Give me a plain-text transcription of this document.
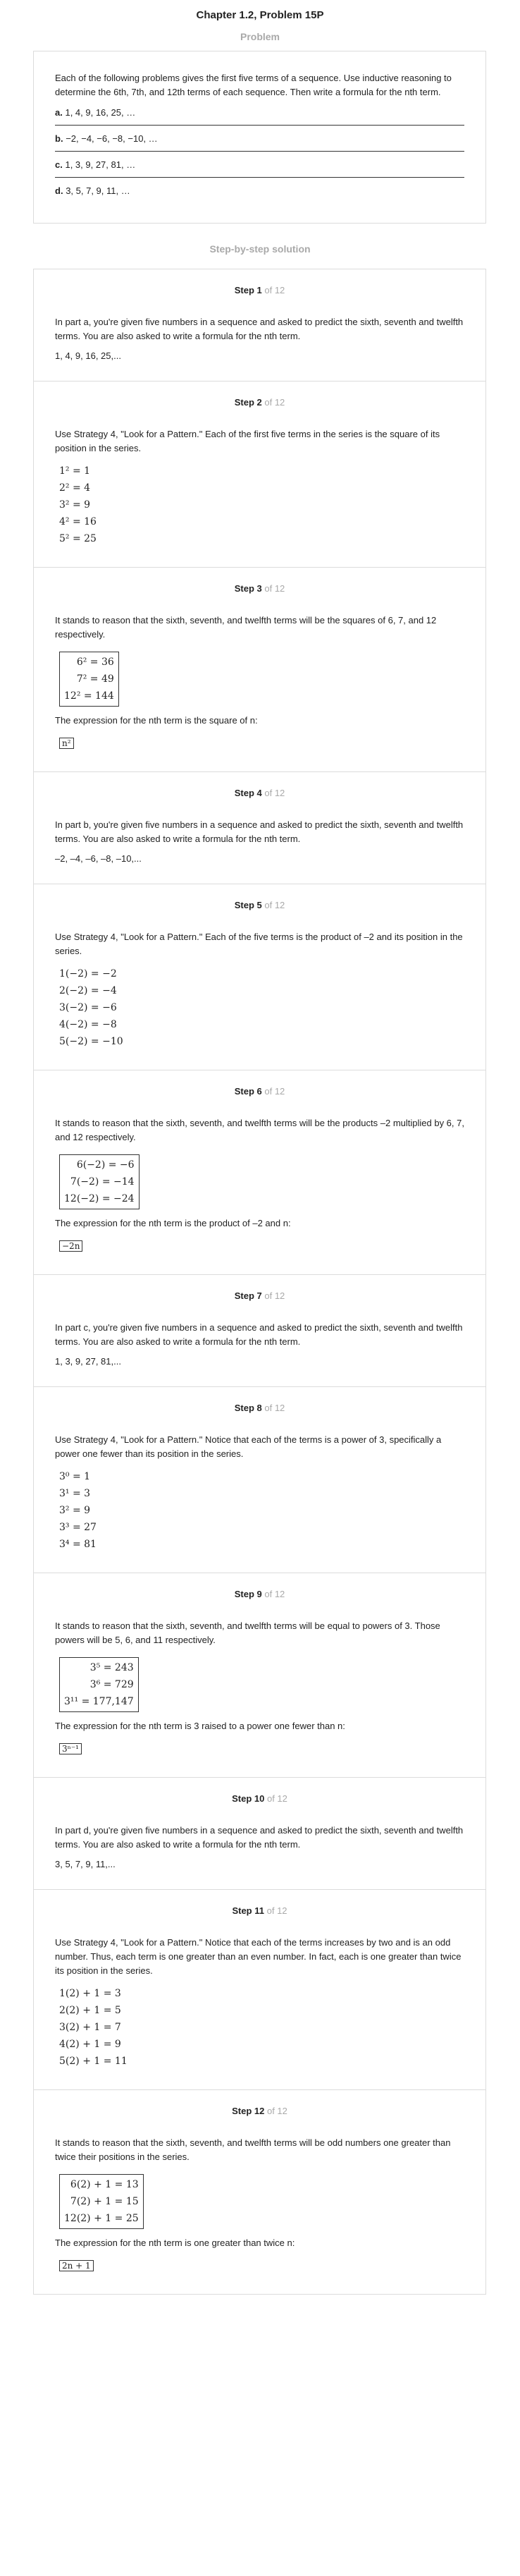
Chapter 1.2, Problem 15P
Problem

Each of the following problems gives the first five terms of a sequence. Use inductive reasoning to determine the 6th, 7th, and 12th terms of each sequence. Then write a formula for the nth term.

a. 1, 4, 9, 16, 25, …
b. −2, −4, −6, −8, −10, …
c. 1, 3, 9, 27, 81, …
d. 3, 5, 7, 9, 11, …
Step-by-step solution
Step 1 of 12

In part a, you're given five numbers in a sequence and asked to predict the sixth, seventh and twelfth terms. You are also asked to write a formula for the nth term.

1, 4, 9, 16, 25,...
Step 2 of 12

Use Strategy 4, "Look for a Pattern." Each of the first five terms in the series is the square of its position in the series.

1² = 1
2² = 4
3² = 9
4² = 16
5² = 25
Step 3 of 12

It stands to reason that the sixth, seventh, and twelfth terms will be the squares of 6, 7, and 12 respectively.

6² = 36
7² = 49
12² = 144

The expression for the nth term is the square of n:

n²
Step 4 of 12

In part b, you're given five numbers in a sequence and asked to predict the sixth, seventh and twelfth terms. You are also asked to write a formula for the nth term.

–2, –4, –6, –8, –10,...
Step 5 of 12

Use Strategy 4, "Look for a Pattern." Each of the five terms is the product of –2 and its position in the series.

1(−2) = −2
2(−2) = −4
3(−2) = −6
4(−2) = −8
5(−2) = −10
Step 6 of 12

It stands to reason that the sixth, seventh, and twelfth terms will be the products –2 multiplied by 6, 7, and 12 respectively.

6(−2) = −6
7(−2) = −14
12(−2) = −24

The expression for the nth term is the product of –2 and n:

−2n
Step 7 of 12

In part c, you're given five numbers in a sequence and asked to predict the sixth, seventh and twelfth terms. You are also asked to write a formula for the nth term.

1, 3, 9, 27, 81,...
Step 8 of 12

Use Strategy 4, "Look for a Pattern." Notice that each of the terms is a power of 3, specifically a power one fewer than its position in the series.

3⁰ = 1
3¹ = 3
3² = 9
3³ = 27
3⁴ = 81
Step 9 of 12

It stands to reason that the sixth, seventh, and twelfth terms will be equal to powers of 3. Those powers will be 5, 6, and 11 respectively.

3⁵ = 243
3⁶ = 729
3¹¹ = 177,147

The expression for the nth term is 3 raised to a power one fewer than n:

3ⁿ⁻¹
Step 10 of 12

In part d, you're given five numbers in a sequence and asked to predict the sixth, seventh and twelfth terms. You are also asked to write a formula for the nth term.

3, 5, 7, 9, 11,...
Step 11 of 12

Use Strategy 4, "Look for a Pattern." Notice that each of the terms increases by two and is an odd number. Thus, each term is one greater than an even number. In fact, each is one greater than twice its position in the series.

1(2) + 1 = 3
2(2) + 1 = 5
3(2) + 1 = 7
4(2) + 1 = 9
5(2) + 1 = 11
Step 12 of 12

It stands to reason that the sixth, seventh, and twelfth terms will be odd numbers one greater than twice their positions in the series.

6(2) + 1 = 13
7(2) + 1 = 15
12(2) + 1 = 25

The expression for the nth term is one greater than twice n:

2n + 1
